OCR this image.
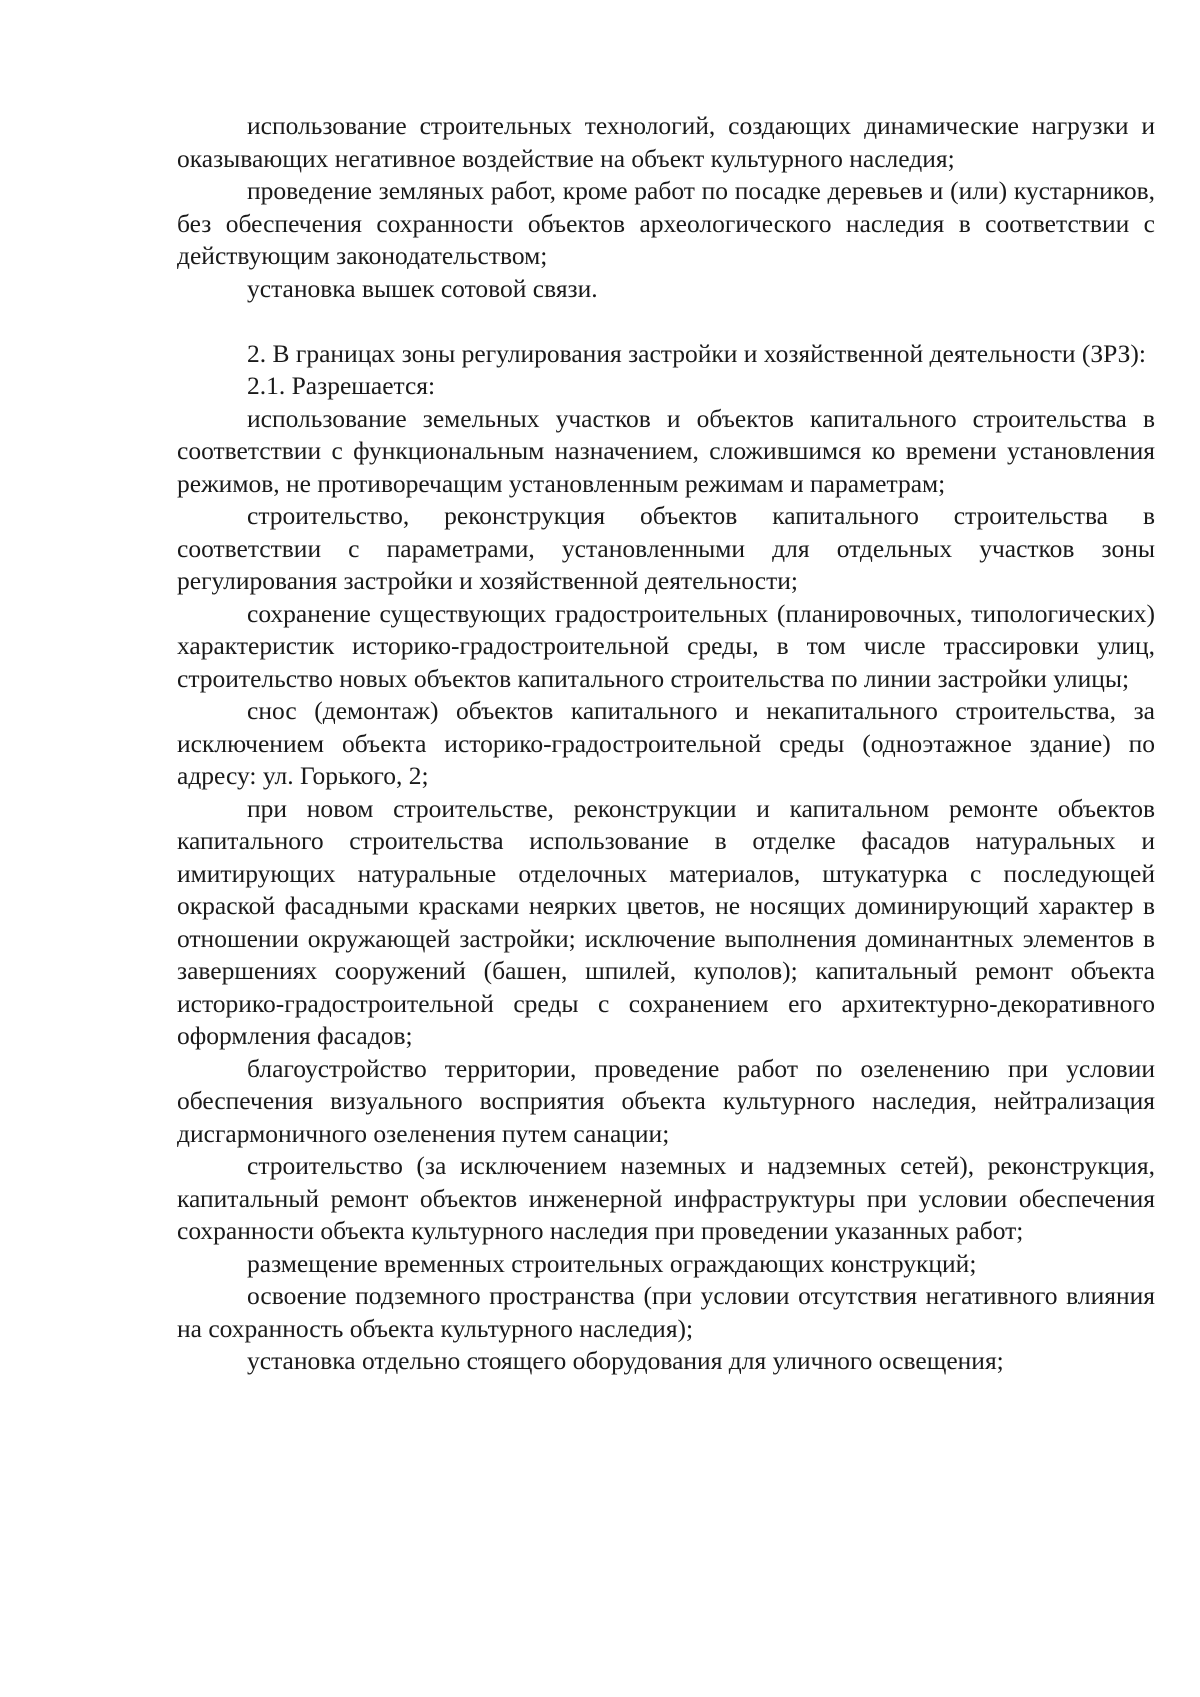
использование строительных технологий, создающих динамические нагрузки и оказывающих негативное воздействие на объект культурного наследия;

проведение земляных работ, кроме работ по посадке деревьев и (или) кустарников, без обеспечения сохранности объектов археологического наследия в соответствии с действующим законодательством;

установка вышек сотовой связи.

2. В границах зоны регулирования застройки и хозяйственной деятельности (ЗРЗ):

2.1. Разрешается:

использование земельных участков и объектов капитального строительства в соответствии с функциональным назначением, сложившимся ко времени установления режимов, не противоречащим установленным режимам и параметрам;

строительство, реконструкция объектов капитального строительства в соответствии с параметрами, установленными для отдельных участков зоны регулирования застройки и хозяйственной деятельности;

сохранение существующих градостроительных (планировочных, типологических) характеристик историко-градостроительной среды, в том числе трассировки улиц, строительство новых объектов капитального строительства по линии застройки улицы;

снос (демонтаж) объектов капитального и некапитального строительства, за исключением объекта историко-градостроительной среды (одноэтажное здание) по адресу: ул. Горького, 2;

при новом строительстве, реконструкции и капитальном ремонте объектов капитального строительства использование в отделке фасадов натуральных и имитирующих натуральные отделочных материалов, штукатурка с последующей окраской фасадными красками неярких цветов, не носящих доминирующий характер в отношении окружающей застройки; исключение выполнения доминантных элементов в завершениях сооружений (башен, шпилей, куполов); капитальный ремонт объекта историко-градостроительной среды с сохранением его архитектурно-декоративного оформления фасадов;

благоустройство территории, проведение работ по озеленению при условии обеспечения визуального восприятия объекта культурного наследия, нейтрализация дисгармоничного озеленения путем санации;

строительство (за исключением наземных и надземных сетей), реконструкция, капитальный ремонт объектов инженерной инфраструктуры при условии обеспечения сохранности объекта культурного наследия при проведении указанных работ;

размещение временных строительных ограждающих конструкций;

освоение подземного пространства (при условии отсутствия негативного влияния на сохранность объекта культурного наследия);

установка отдельно стоящего оборудования для уличного освещения;
